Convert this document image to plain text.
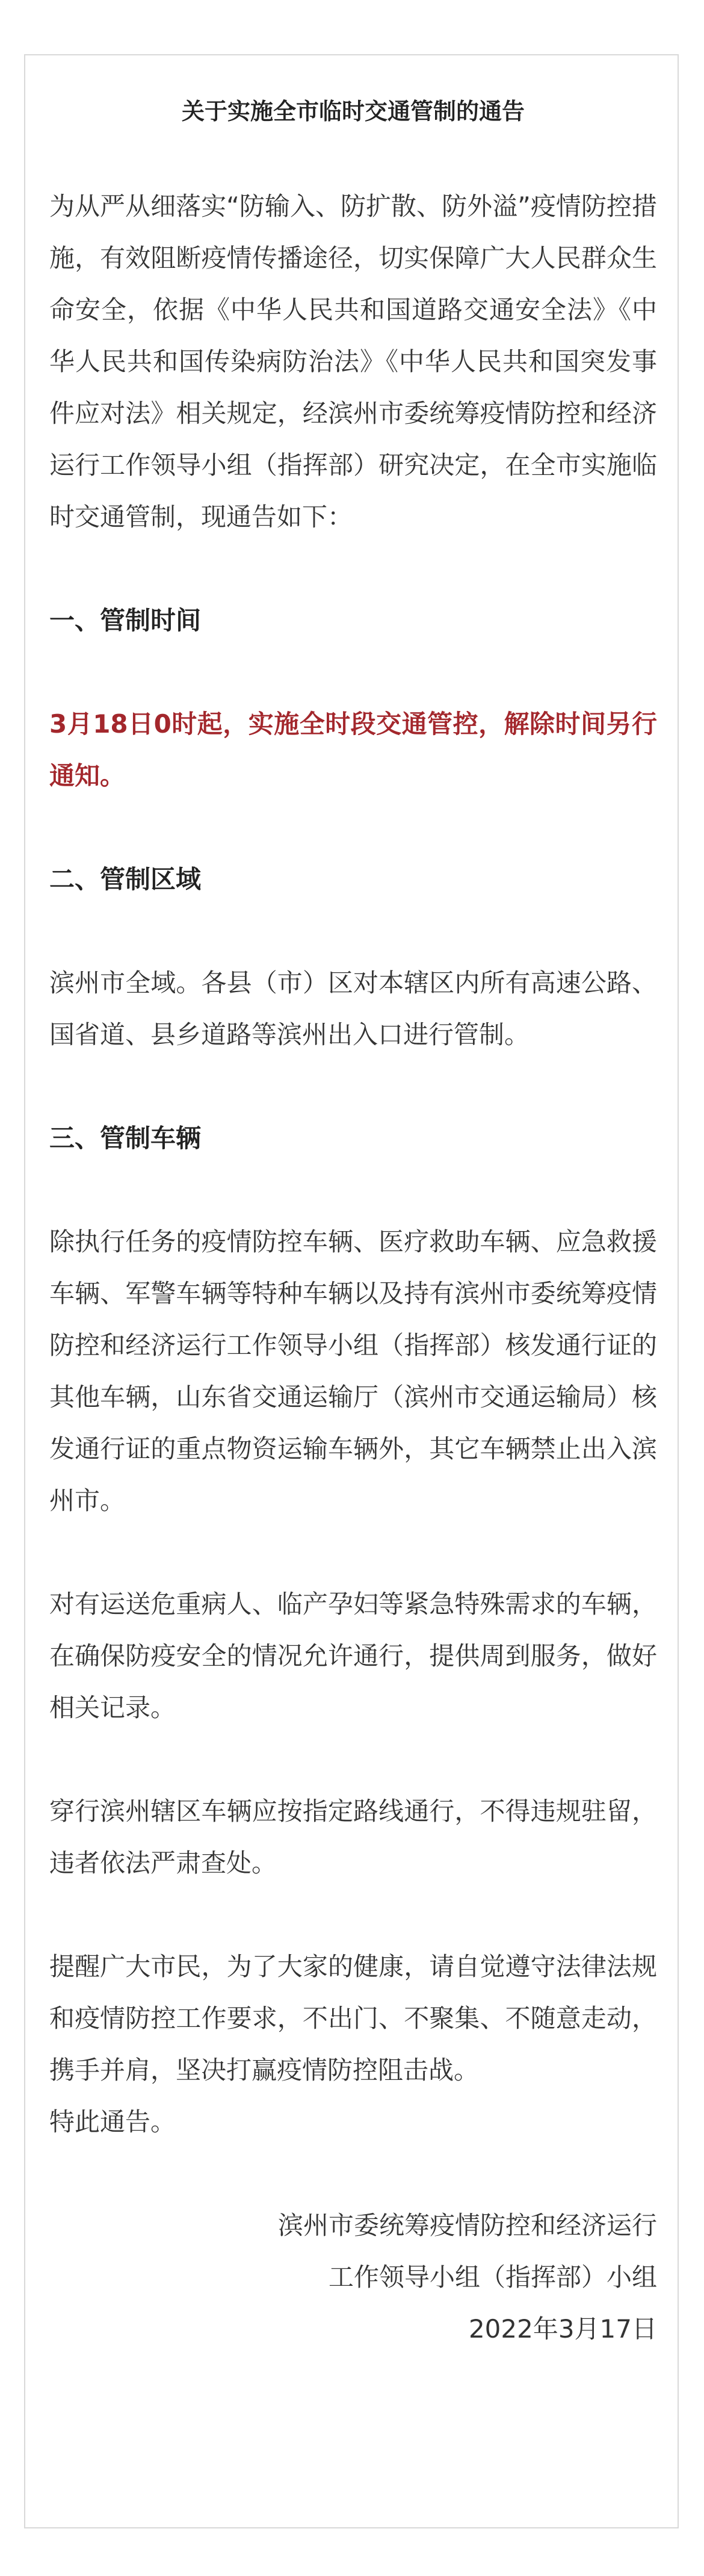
关于实施全市临时交通管制的通告

为从严从细落实“防输入、防扩散、防外溢”疫情防控措施，有效阻断疫情传播途径，切实保障广大人民群众生命安全，依据《中华人民共和国道路交通安全法》《中华人民共和国传染病防治法》《中华人民共和国突发事件应对法》相关规定，经滨州市委统筹疫情防控和经济运行工作领导小组（指挥部）研究决定，在全市实施临时交通管制，现通告如下：

一、管制时间

3月18日0时起，实施全时段交通管控，解除时间另行通知。

二、管制区域

滨州市全域。各县（市）区对本辖区内所有高速公路、国省道、县乡道路等滨州出入口进行管制。

三、管制车辆

除执行任务的疫情防控车辆、医疗救助车辆、应急救援车辆、军警车辆等特种车辆以及持有滨州市委统筹疫情防控和经济运行工作领导小组（指挥部）核发通行证的其他车辆，山东省交通运输厅（滨州市交通运输局）核发通行证的重点物资运输车辆外，其它车辆禁止出入滨州市。

对有运送危重病人、临产孕妇等紧急特殊需求的车辆，在确保防疫安全的情况允许通行，提供周到服务，做好相关记录。

穿行滨州辖区车辆应按指定路线通行，不得违规驻留，违者依法严肃查处。

提醒广大市民，为了大家的健康，请自觉遵守法律法规和疫情防控工作要求，不出门、不聚集、不随意走动，携手并肩，坚决打赢疫情防控阻击战。

特此通告。

滨州市委统筹疫情防控和经济运行

工作领导小组（指挥部）小组

2022年3月17日
